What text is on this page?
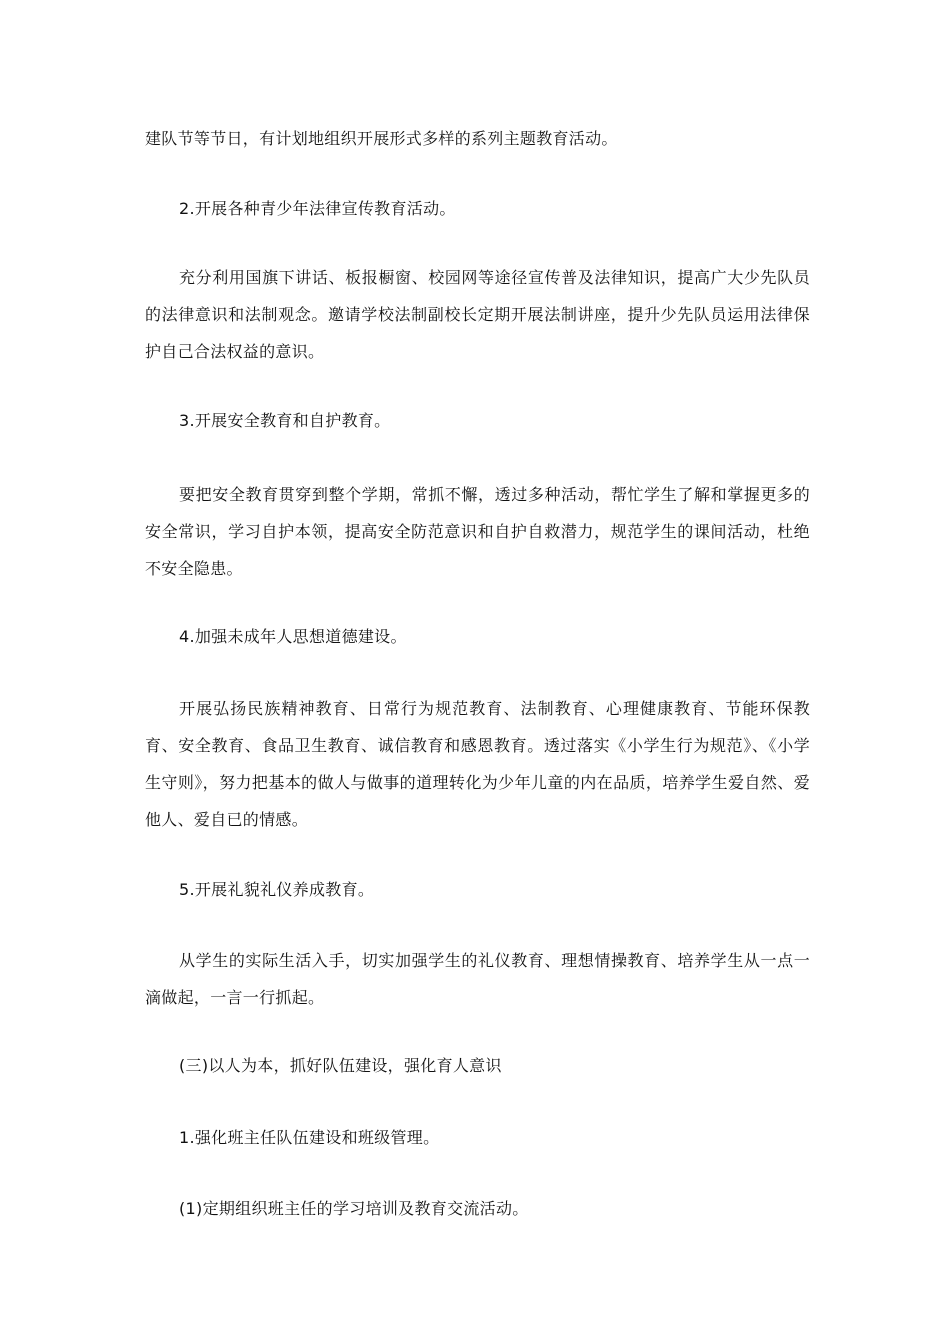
建队节等节日，有计划地组织开展形式多样的系列主题教育活动。

2.开展各种青少年法律宣传教育活动。

充分利用国旗下讲话、板报橱窗、校园网等途径宣传普及法律知识，提高广大少先队员的法律意识和法制观念。邀请学校法制副校长定期开展法制讲座，提升少先队员运用法律保护自己合法权益的意识。

3.开展安全教育和自护教育。

要把安全教育贯穿到整个学期，常抓不懈，透过多种活动，帮忙学生了解和掌握更多的安全常识，学习自护本领，提高安全防范意识和自护自救潜力，规范学生的课间活动，杜绝不安全隐患。

4.加强未成年人思想道德建设。

开展弘扬民族精神教育、日常行为规范教育、法制教育、心理健康教育、节能环保教育、安全教育、食品卫生教育、诚信教育和感恩教育。透过落实《小学生行为规范》、《小学生守则》，努力把基本的做人与做事的道理转化为少年儿童的内在品质，培养学生爱自然、爱他人、爱自已的情感。

5.开展礼貌礼仪养成教育。

从学生的实际生活入手，切实加强学生的礼仪教育、理想情操教育、培养学生从一点一滴做起，一言一行抓起。

(三)以人为本，抓好队伍建设，强化育人意识

1.强化班主任队伍建设和班级管理。

(1)定期组织班主任的学习培训及教育交流活动。
